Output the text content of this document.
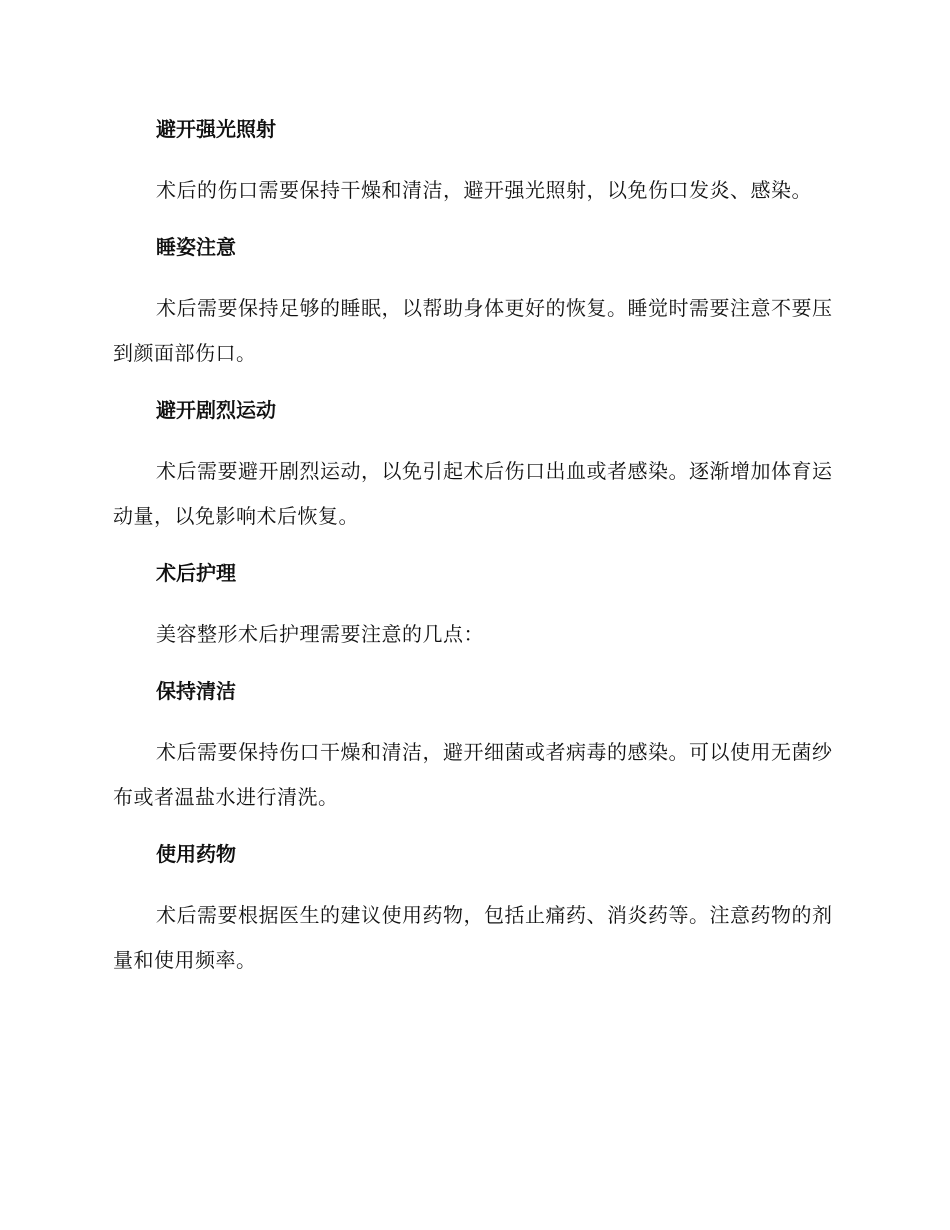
避开强光照射
术后的伤口需要保持干燥和清洁，避开强光照射，以免伤口发炎、感染。
睡姿注意
术后需要保持足够的睡眠，以帮助身体更好的恢复。睡觉时需要注意不要压到颜面部伤口。
避开剧烈运动
术后需要避开剧烈运动，以免引起术后伤口出血或者感染。逐渐增加体育运动量，以免影响术后恢复。
术后护理
美容整形术后护理需要注意的几点：
保持清洁
术后需要保持伤口干燥和清洁，避开细菌或者病毒的感染。可以使用无菌纱布或者温盐水进行清洗。
使用药物
术后需要根据医生的建议使用药物，包括止痛药、消炎药等。注意药物的剂量和使用频率。
